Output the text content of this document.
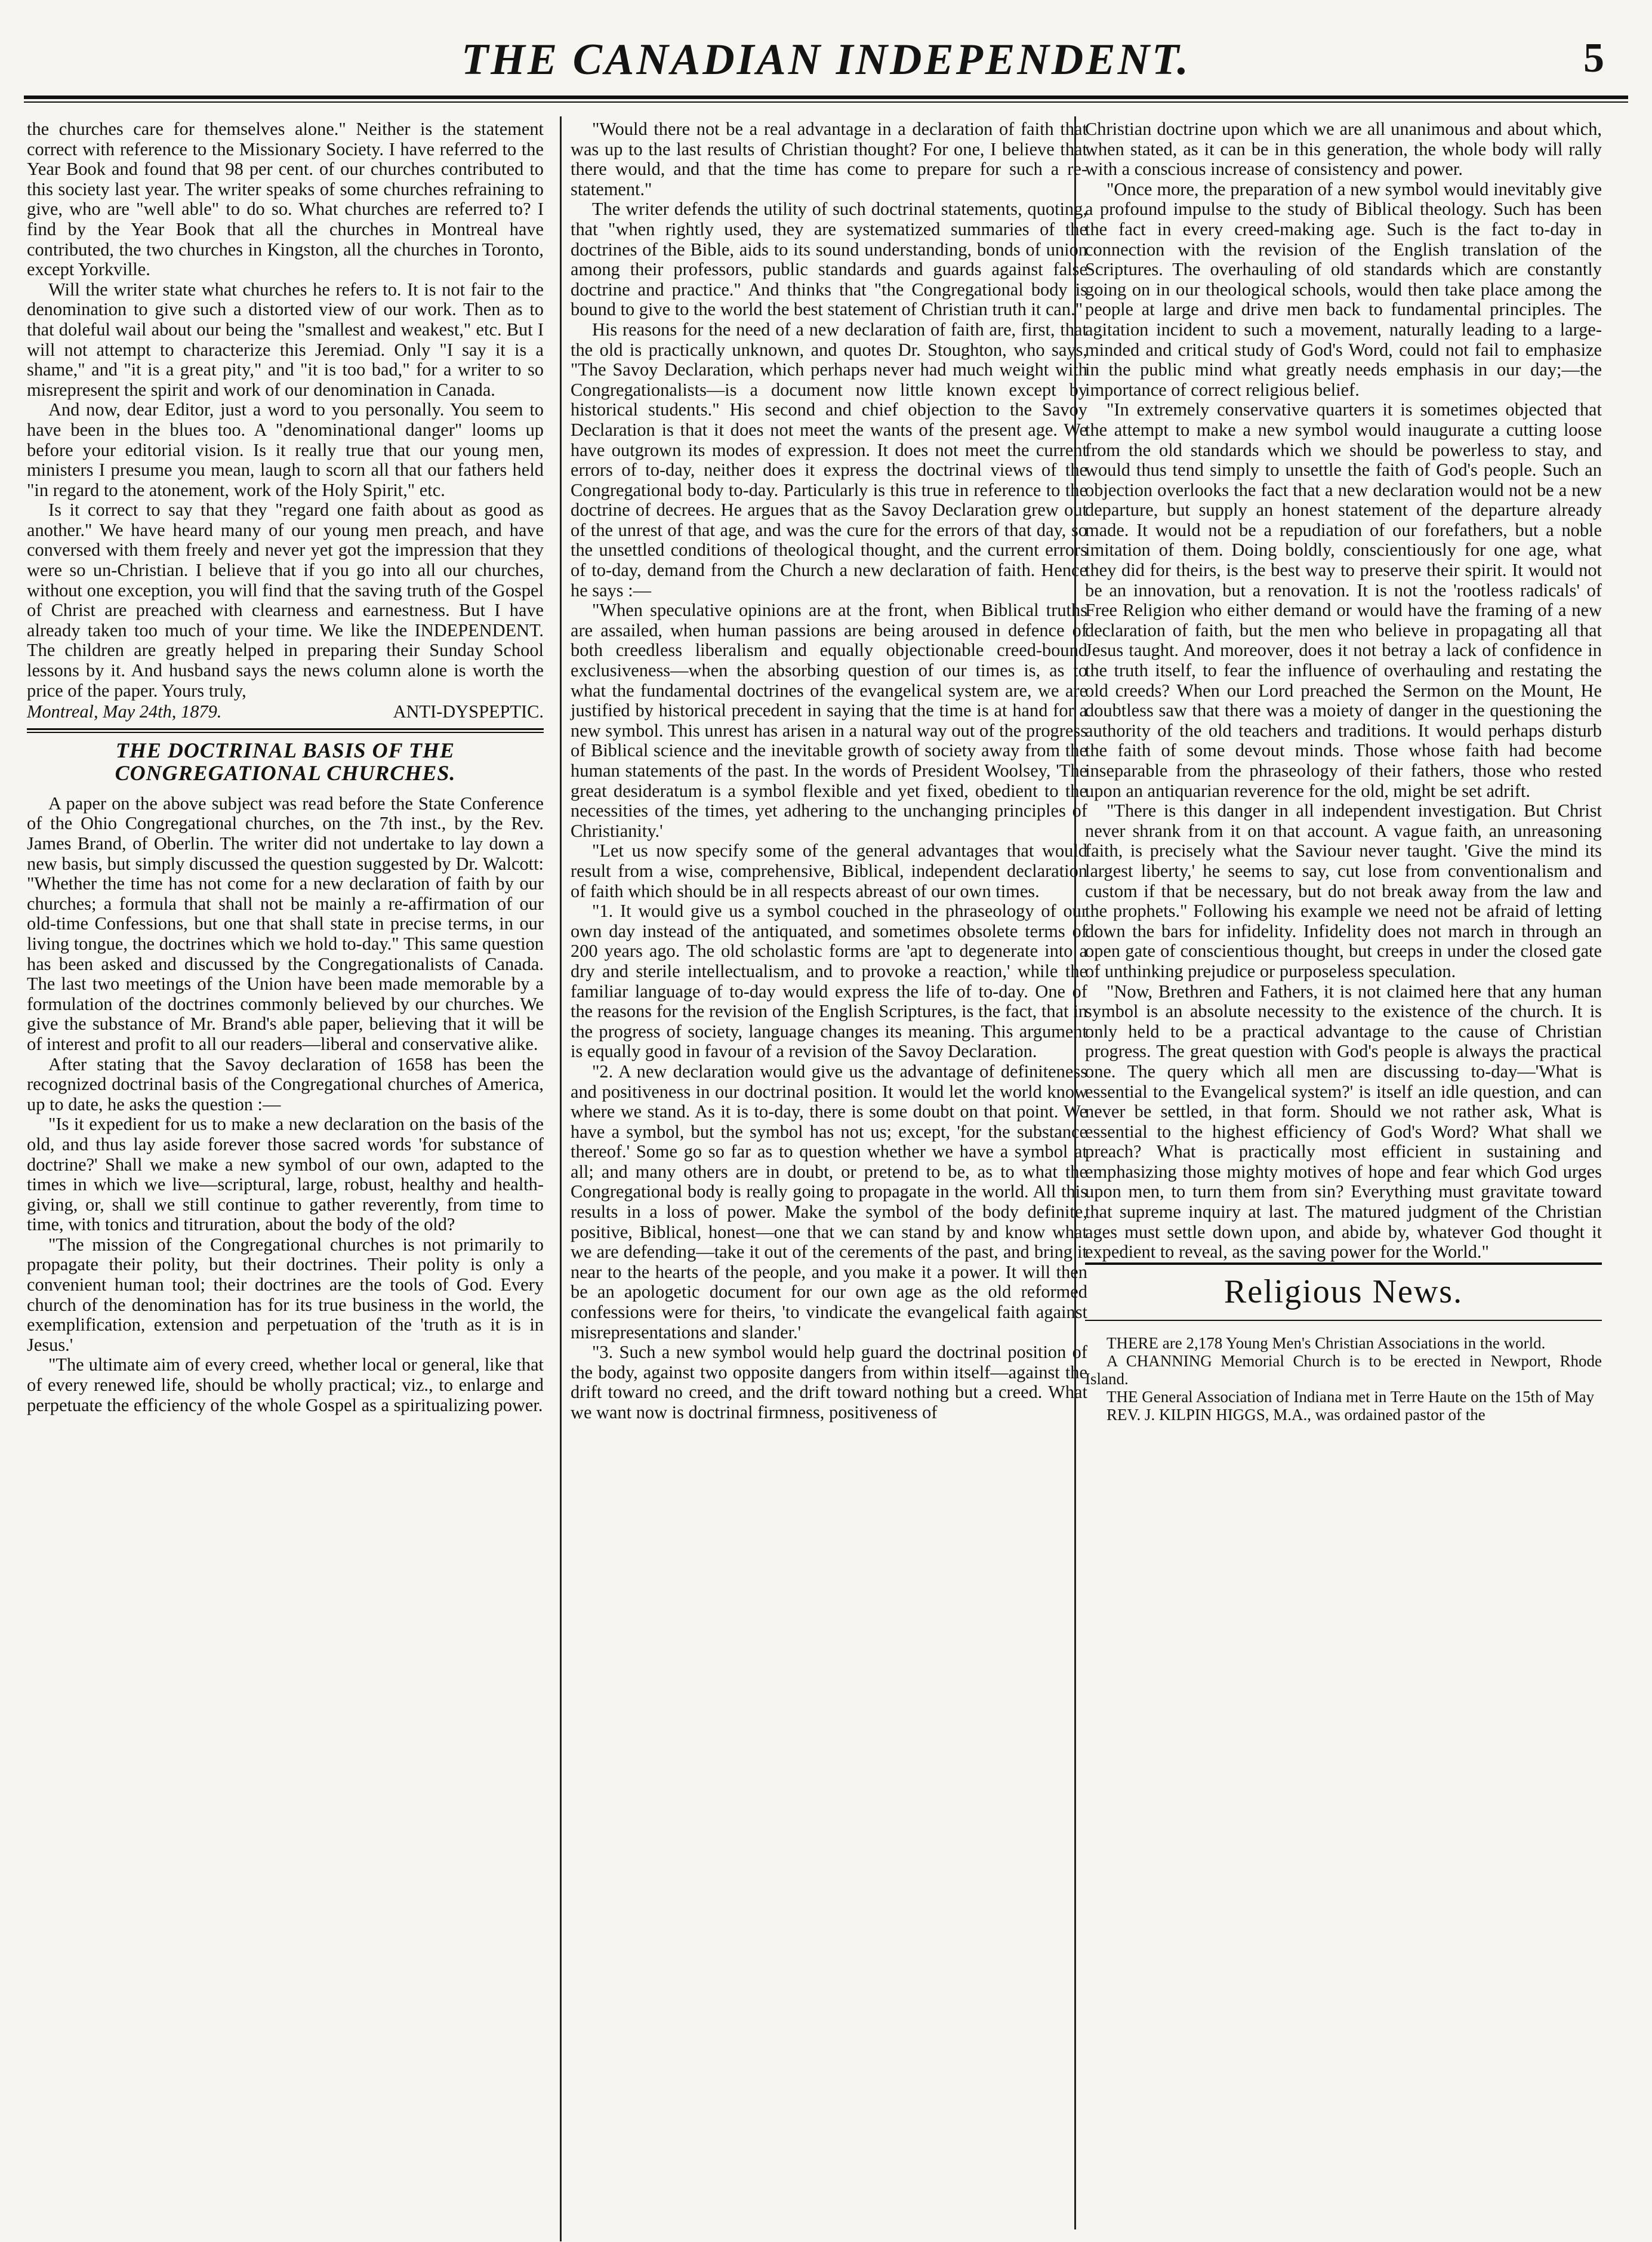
THE CANADIAN INDEPENDENT.	5

the churches care for themselves alone." Neither is the statement correct with reference to the Missionary Society. I have referred to the Year Book and found that 98 per cent. of our churches contributed to this society last year. The writer speaks of some churches refraining to give, who are "well able" to do so. What churches are referred to? I find by the Year Book that all the churches in Montreal have contributed, the two churches in Kingston, all the churches in Toronto, except Yorkville.

Will the writer state what churches he refers to. It is not fair to the denomination to give such a distorted view of our work. Then as to that doleful wail about our being the "smallest and weakest," etc. But I will not attempt to characterize this Jeremiad. Only "I say it is a shame," and "it is a great pity," and "it is too bad," for a writer to so misrepresent the spirit and work of our denomination in Canada.

And now, dear Editor, just a word to you personally. You seem to have been in the blues too. A "denominational danger" looms up before your editorial vision. Is it really true that our young men, ministers I presume you mean, laugh to scorn all that our fathers held "in regard to the atonement, work of the Holy Spirit," etc.

Is it correct to say that they "regard one faith about as good as another." We have heard many of our young men preach, and have conversed with them freely and never yet got the impression that they were so un-Christian. I believe that if you go into all our churches, without one exception, you will find that the saving truth of the Gospel of Christ are preached with clearness and earnestness. But I have already taken too much of your time. We like the INDEPENDENT. The children are greatly helped in preparing their Sunday School lessons by it. And husband says the news column alone is worth the price of the paper. Yours truly,

Montreal, May 24th, 1879.	ANTI-DYSPEPTIC.
THE DOCTRINAL BASIS OF THE CONGREGATIONAL CHURCHES.

A paper on the above subject was read before the State Conference of the Ohio Congregational churches, on the 7th inst., by the Rev. James Brand, of Oberlin. The writer did not undertake to lay down a new basis, but simply discussed the question suggested by Dr. Walcott: "Whether the time has not come for a new declaration of faith by our churches; a formula that shall not be mainly a re-affirmation of our old-time Confessions, but one that shall state in precise terms, in our living tongue, the doctrines which we hold to-day." This same question has been asked and discussed by the Congregationalists of Canada. The last two meetings of the Union have been made memorable by a formulation of the doctrines commonly believed by our churches. We give the substance of Mr. Brand's able paper, believing that it will be of interest and profit to all our readers—liberal and conservative alike.

After stating that the Savoy declaration of 1658 has been the recognized doctrinal basis of the Congregational churches of America, up to date, he asks the question :—

"Is it expedient for us to make a new declaration on the basis of the old, and thus lay aside forever those sacred words 'for substance of doctrine?' Shall we make a new symbol of our own, adapted to the times in which we live—scriptural, large, robust, healthy and health-giving, or, shall we still continue to gather reverently, from time to time, with tonics and titruration, about the body of the old?

"The mission of the Congregational churches is not primarily to propagate their polity, but their doctrines. Their polity is only a convenient human tool; their doctrines are the tools of God. Every church of the denomination has for its true business in the world, the exemplification, extension and perpetuation of the 'truth as it is in Jesus.'

"The ultimate aim of every creed, whether local or general, like that of every renewed life, should be wholly practical; viz., to enlarge and perpetuate the efficiency of the whole Gospel as a spiritualizing power.

"Would there not be a real advantage in a declaration of faith that was up to the last results of Christian thought? For one, I believe that there would, and that the time has come to prepare for such a re-statement."

The writer defends the utility of such doctrinal statements, quoting, that "when rightly used, they are systematized summaries of the doctrines of the Bible, aids to its sound understanding, bonds of union among their professors, public standards and guards against false doctrine and practice." And thinks that "the Congregational body is bound to give to the world the best statement of Christian truth it can."

His reasons for the need of a new declaration of faith are, first, that the old is practically unknown, and quotes Dr. Stoughton, who says, "The Savoy Declaration, which perhaps never had much weight with Congregationalists—is a document now little known except by historical students." His second and chief objection to the Savoy Declaration is that it does not meet the wants of the present age. We have outgrown its modes of expression. It does not meet the current errors of to-day, neither does it express the doctrinal views of the Congregational body to-day. Particularly is this true in reference to the doctrine of decrees. He argues that as the Savoy Declaration grew out of the unrest of that age, and was the cure for the errors of that day, so the unsettled conditions of theological thought, and the current errors of to-day, demand from the Church a new declaration of faith. Hence he says :—

"When speculative opinions are at the front, when Biblical truths are assailed, when human passions are being aroused in defence of both creedless liberalism and equally objectionable creed-bound exclusiveness—when the absorbing question of our times is, as to what the fundamental doctrines of the evangelical system are, we are justified by historical precedent in saying that the time is at hand for a new symbol. This unrest has arisen in a natural way out of the progress of Biblical science and the inevitable growth of society away from the human statements of the past. In the words of President Woolsey, 'The great desideratum is a symbol flexible and yet fixed, obedient to the necessities of the times, yet adhering to the unchanging principles of Christianity.'

"Let us now specify some of the general advantages that would result from a wise, comprehensive, Biblical, independent declaration of faith which should be in all respects abreast of our own times.

"1. It would give us a symbol couched in the phraseology of our own day instead of the antiquated, and sometimes obsolete terms of 200 years ago. The old scholastic forms are 'apt to degenerate into a dry and sterile intellectualism, and to provoke a reaction,' while the familiar language of to-day would express the life of to-day. One of the reasons for the revision of the English Scriptures, is the fact, that in the progress of society, language changes its meaning. This argument is equally good in favour of a revision of the Savoy Declaration.

"2. A new declaration would give us the advantage of definiteness and positiveness in our doctrinal position. It would let the world know where we stand. As it is to-day, there is some doubt on that point. We have a symbol, but the symbol has not us; except, 'for the substance thereof.' Some go so far as to question whether we have a symbol at all; and many others are in doubt, or pretend to be, as to what the Congregational body is really going to propagate in the world. All this results in a loss of power. Make the symbol of the body definite, positive, Biblical, honest—one that we can stand by and know what we are defending—take it out of the cerements of the past, and bring it near to the hearts of the people, and you make it a power. It will then be an apologetic document for our own age as the old reformed confessions were for theirs, 'to vindicate the evangelical faith against misrepresentations and slander.'

"3. Such a new symbol would help guard the doctrinal position of the body, against two opposite dangers from within itself—against the drift toward no creed, and the drift toward nothing but a creed. What we want now is doctrinal firmness, positiveness of

Christian doctrine upon which we are all unanimous and about which, when stated, as it can be in this generation, the whole body will rally with a conscious increase of consistency and power.

"Once more, the preparation of a new symbol would inevitably give a profound impulse to the study of Biblical theology. Such has been the fact in every creed-making age. Such is the fact to-day in connection with the revision of the English translation of the Scriptures. The overhauling of old standards which are constantly going on in our theological schools, would then take place among the people at large and drive men back to fundamental principles. The agitation incident to such a movement, naturally leading to a large-minded and critical study of God's Word, could not fail to emphasize in the public mind what greatly needs emphasis in our day;—the importance of correct religious belief.

"In extremely conservative quarters it is sometimes objected that the attempt to make a new symbol would inaugurate a cutting loose from the old standards which we should be powerless to stay, and would thus tend simply to unsettle the faith of God's people. Such an objection overlooks the fact that a new declaration would not be a new departure, but supply an honest statement of the departure already made. It would not be a repudiation of our forefathers, but a noble imitation of them. Doing boldly, conscientiously for one age, what they did for theirs, is the best way to preserve their spirit. It would not be an innovation, but a renovation. It is not the 'rootless radicals' of Free Religion who either demand or would have the framing of a new declaration of faith, but the men who believe in propagating all that Jesus taught. And moreover, does it not betray a lack of confidence in the truth itself, to fear the influence of overhauling and restating the old creeds? When our Lord preached the Sermon on the Mount, He doubtless saw that there was a moiety of danger in the questioning the authority of the old teachers and traditions. It would perhaps disturb the faith of some devout minds. Those whose faith had become inseparable from the phraseology of their fathers, those who rested upon an antiquarian reverence for the old, might be set adrift.

"There is this danger in all independent investigation. But Christ never shrank from it on that account. A vague faith, an unreasoning faith, is precisely what the Saviour never taught. 'Give the mind its largest liberty,' he seems to say, cut lose from conventionalism and custom if that be necessary, but do not break away from the law and the prophets." Following his example we need not be afraid of letting down the bars for infidelity. Infidelity does not march in through an open gate of conscientious thought, but creeps in under the closed gate of unthinking prejudice or purposeless speculation.

"Now, Brethren and Fathers, it is not claimed here that any human symbol is an absolute necessity to the existence of the church. It is only held to be a practical advantage to the cause of Christian progress. The great question with God's people is always the practical one. The query which all men are discussing to-day—'What is essential to the Evangelical system?' is itself an idle question, and can never be settled, in that form. Should we not rather ask, What is essential to the highest efficiency of God's Word? What shall we preach? What is practically most efficient in sustaining and emphasizing those mighty motives of hope and fear which God urges upon men, to turn them from sin? Everything must gravitate toward that supreme inquiry at last. The matured judgment of the Christian ages must settle down upon, and abide by, whatever God thought it expedient to reveal, as the saving power for the World."

Religious News.

THERE are 2,178 Young Men's Christian Associations in the world.

A CHANNING Memorial Church is to be erected in Newport, Rhode Island.

THE General Association of Indiana met in Terre Haute on the 15th of May

REV. J. KILPIN HIGGS, M.A., was ordained pastor of the
